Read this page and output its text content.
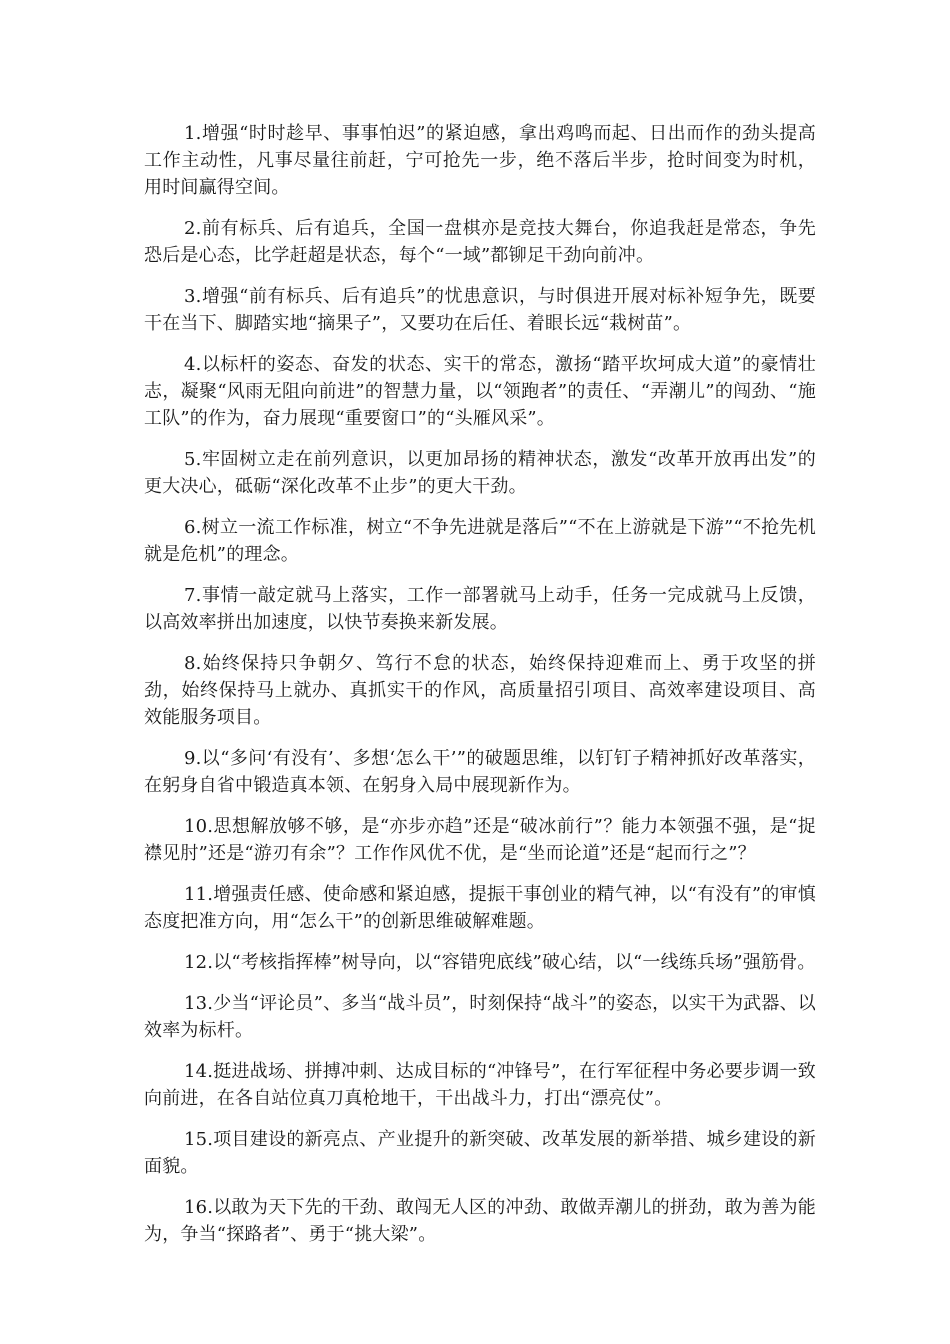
1.增强“时时趁早、事事怕迟”的紧迫感，拿出鸡鸣而起、日出而作的劲头提高工作主动性，凡事尽量往前赶，宁可抢先一步，绝不落后半步，抢时间变为时机，用时间赢得空间。

2.前有标兵、后有追兵，全国一盘棋亦是竞技大舞台，你追我赶是常态，争先恐后是心态，比学赶超是状态，每个“一域”都铆足干劲向前冲。

3.增强“前有标兵、后有追兵”的忧患意识，与时俱进开展对标补短争先，既要干在当下、脚踏实地“摘果子”，又要功在后任、着眼长远“栽树苗”。

4.以标杆的姿态、奋发的状态、实干的常态，激扬“踏平坎坷成大道”的豪情壮志，凝聚“风雨无阻向前进”的智慧力量，以“领跑者”的责任、“弄潮儿”的闯劲、“施工队”的作为，奋力展现“重要窗口”的“头雁风采”。

5.牢固树立走在前列意识，以更加昂扬的精神状态，激发“改革开放再出发”的更大决心，砥砺“深化改革不止步”的更大干劲。

6.树立一流工作标准，树立“不争先进就是落后”“不在上游就是下游”“不抢先机就是危机”的理念。

7.事情一敲定就马上落实，工作一部署就马上动手，任务一完成就马上反馈，以高效率拼出加速度，以快节奏换来新发展。

8.始终保持只争朝夕、笃行不怠的状态，始终保持迎难而上、勇于攻坚的拼劲，始终保持马上就办、真抓实干的作风，高质量招引项目、高效率建设项目、高效能服务项目。

9.以“多问‘有没有’、多想‘怎么干’”的破题思维，以钉钉子精神抓好改革落实，在躬身自省中锻造真本领、在躬身入局中展现新作为。

10.思想解放够不够，是“亦步亦趋”还是“破冰前行”？能力本领强不强，是“捉襟见肘”还是“游刃有余”？工作作风优不优，是“坐而论道”还是“起而行之”？

11.增强责任感、使命感和紧迫感，提振干事创业的精气神，以“有没有”的审慎态度把准方向，用“怎么干”的创新思维破解难题。

12.以“考核指挥棒”树导向，以“容错兜底线”破心结，以“一线练兵场”强筋骨。

13.少当“评论员”、多当“战斗员”，时刻保持“战斗”的姿态，以实干为武器、以效率为标杆。

14.挺进战场、拼搏冲刺、达成目标的“冲锋号”，在行军征程中务必要步调一致向前进，在各自站位真刀真枪地干，干出战斗力，打出“漂亮仗”。

15.项目建设的新亮点、产业提升的新突破、改革发展的新举措、城乡建设的新面貌。

16.以敢为天下先的干劲、敢闯无人区的冲劲、敢做弄潮儿的拼劲，敢为善为能为，争当“探路者”、勇于“挑大梁”。
